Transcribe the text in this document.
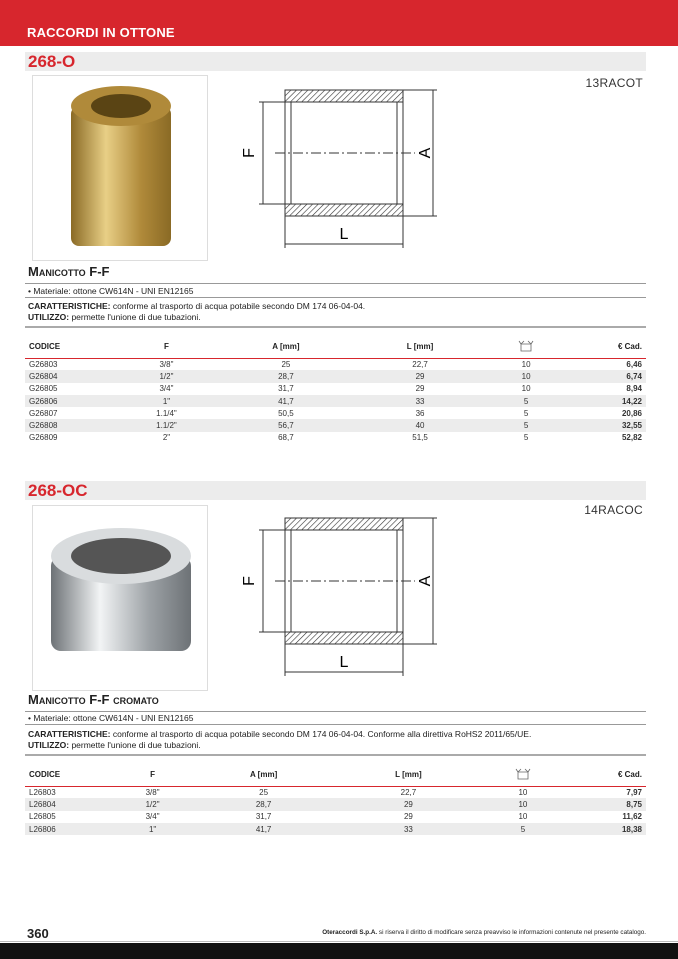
RACCORDI IN OTTONE
268-O
13RACOT
F	A
L
Manicotto F-F
• Materiale: ottone CW614N - UNI EN12165
CARATTERISTICHE: conforme al trasporto di acqua potabile secondo DM 174 06-04-04.
UTILIZZO: permette l'unione di due tubazioni.
CODICE	F	A [mm]	L [mm]		€ Cad.
G26803	3/8"	25	22,7	10	6,46
G26804	1/2"	28,7	29	10	6,74
G26805	3/4"	31,7	29	10	8,94
G26806	1"	41,7	33	5	14,22
G26807	1.1/4"	50,5	36	5	20,86
G26808	1.1/2"	56,7	40	5	32,55
G26809	2"	68,7	51,5	5	52,82
268-OC
14RACOC
F	A
L
Manicotto F-F cromato
• Materiale: ottone CW614N - UNI EN12165
CARATTERISTICHE: conforme al trasporto di acqua potabile secondo DM 174 06-04-04. Conforme alla direttiva RoHS2 2011/65/UE.
UTILIZZO: permette l'unione di due tubazioni.
CODICE	F	A [mm]	L [mm]		€ Cad.
L26803	3/8"	25	22,7	10	7,97
L26804	1/2"	28,7	29	10	8,75
L26805	3/4"	31,7	29	10	11,62
L26806	1"	41,7	33	5	18,38
360	Oteraccordi S.p.A. si riserva il diritto di modificare senza preavviso le informazioni contenute nel presente catalogo.
